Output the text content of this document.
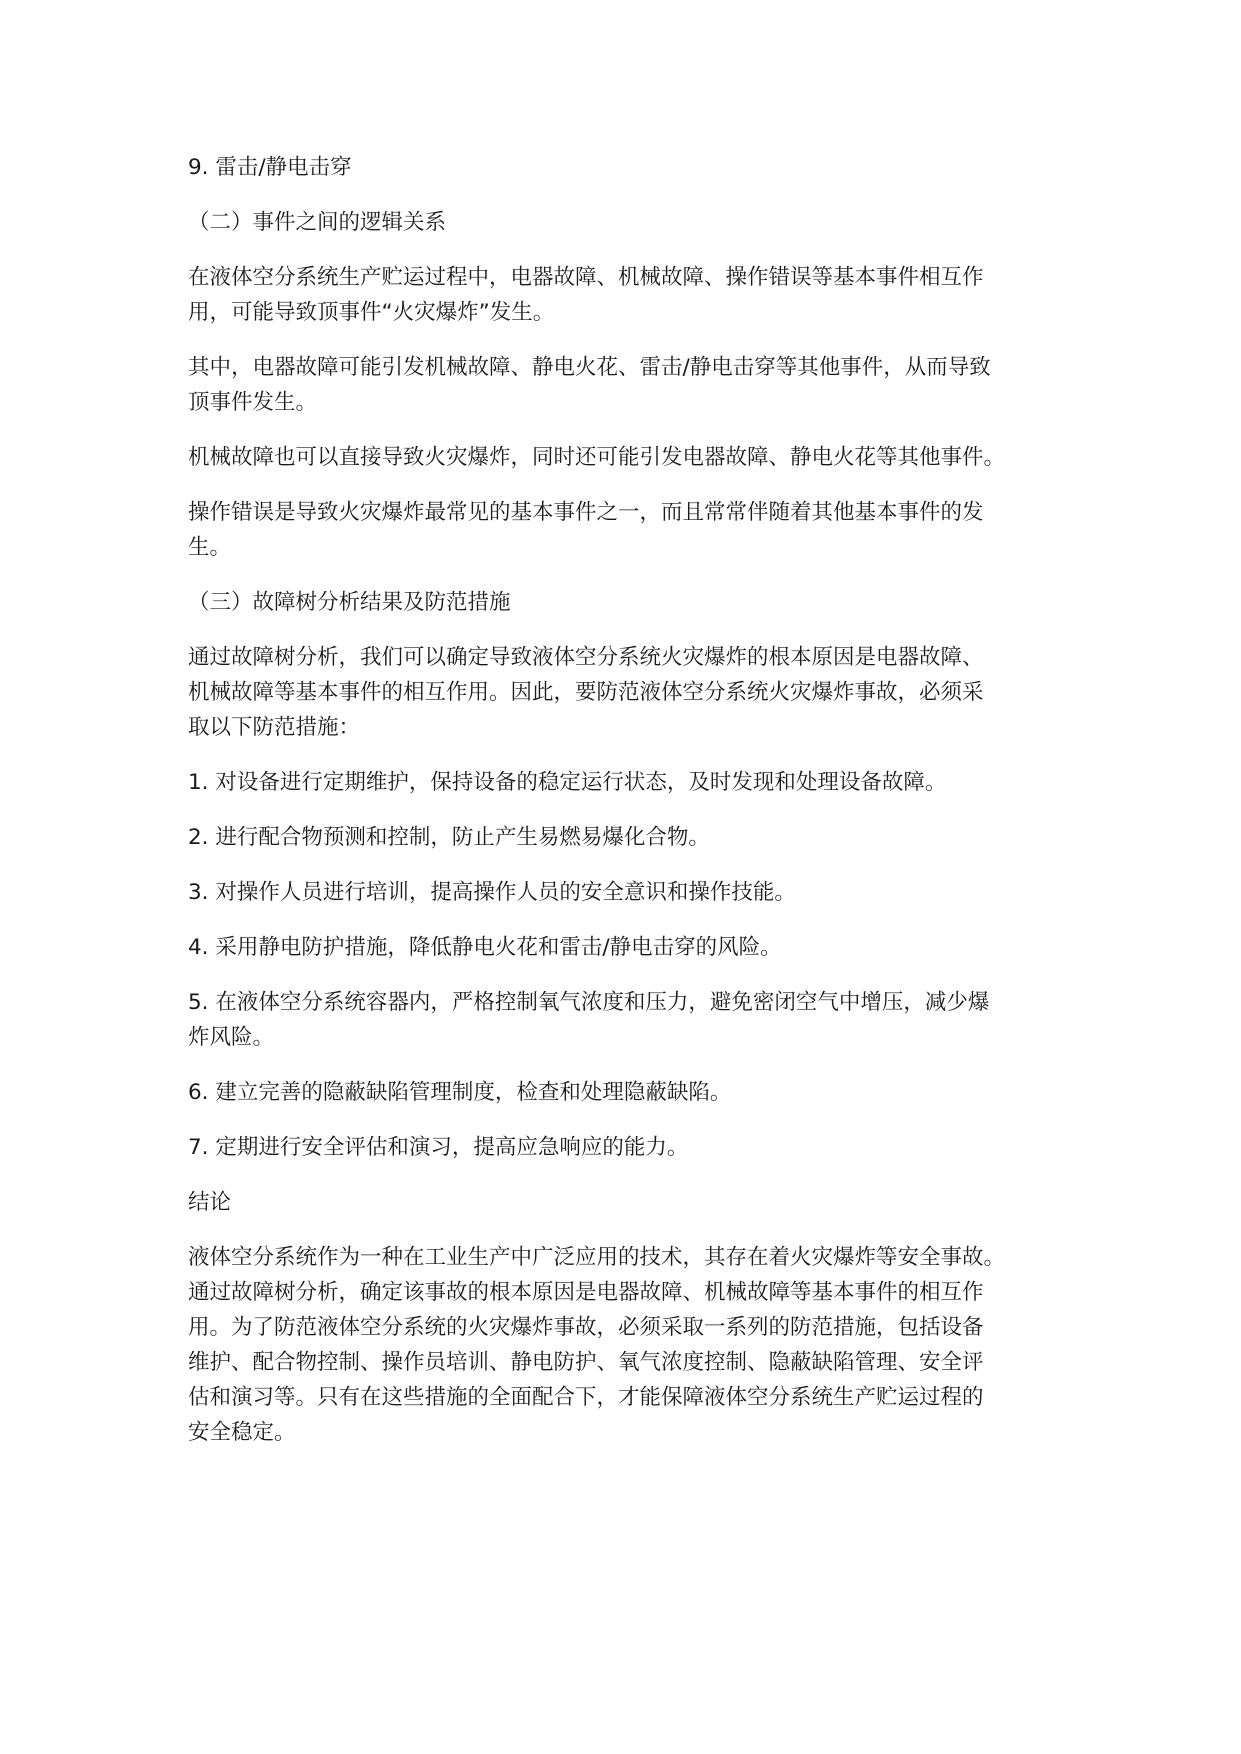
9. 雷击/静电击穿
（二）事件之间的逻辑关系
在液体空分系统生产贮运过程中，电器故障、机械故障、操作错误等基本事件相互作
用，可能导致顶事件“火灾爆炸”发生。
其中，电器故障可能引发机械故障、静电火花、雷击/静电击穿等其他事件，从而导致
顶事件发生。
机械故障也可以直接导致火灾爆炸，同时还可能引发电器故障、静电火花等其他事件。
操作错误是导致火灾爆炸最常见的基本事件之一，而且常常伴随着其他基本事件的发
生。
（三）故障树分析结果及防范措施
通过故障树分析，我们可以确定导致液体空分系统火灾爆炸的根本原因是电器故障、
机械故障等基本事件的相互作用。因此，要防范液体空分系统火灾爆炸事故，必须采
取以下防范措施：
1. 对设备进行定期维护，保持设备的稳定运行状态，及时发现和处理设备故障。
2. 进行配合物预测和控制，防止产生易燃易爆化合物。
3. 对操作人员进行培训，提高操作人员的安全意识和操作技能。
4. 采用静电防护措施，降低静电火花和雷击/静电击穿的风险。
5. 在液体空分系统容器内，严格控制氧气浓度和压力，避免密闭空气中增压，减少爆
炸风险。
6. 建立完善的隐蔽缺陷管理制度，检查和处理隐蔽缺陷。
7. 定期进行安全评估和演习，提高应急响应的能力。
结论
液体空分系统作为一种在工业生产中广泛应用的技术，其存在着火灾爆炸等安全事故。
通过故障树分析，确定该事故的根本原因是电器故障、机械故障等基本事件的相互作
用。为了防范液体空分系统的火灾爆炸事故，必须采取一系列的防范措施，包括设备
维护、配合物控制、操作员培训、静电防护、氧气浓度控制、隐蔽缺陷管理、安全评
估和演习等。只有在这些措施的全面配合下，才能保障液体空分系统生产贮运过程的
安全稳定。
